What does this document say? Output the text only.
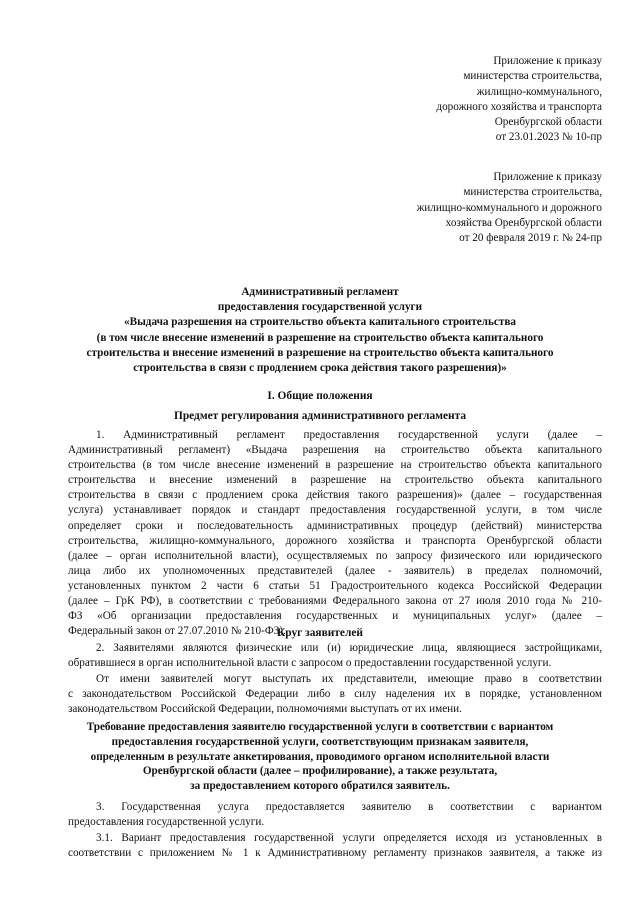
Приложение к приказу
министерства строительства,
жилищно-коммунального,
дорожного хозяйства и транспорта
Оренбургской области
от 23.01.2023 № 10-пр
Приложение к приказу
министерства строительства,
жилищно-коммунального и дорожного
хозяйства Оренбургской области
от 20 февраля 2019 г. № 24-пр
Административный регламент
предоставления государственной услуги
«Выдача разрешения на строительство объекта капитального строительства
(в том числе внесение изменений в разрешение на строительство объекта капитального
строительства и внесение изменений в разрешение на строительство объекта капитального
строительства в связи с продлением срока действия такого разрешения)»
I. Общие положения
Предмет регулирования административного регламента
1. Административный регламент предоставления государственной услуги (далее –
Административный регламент) «Выдача разрешения на строительство объекта капитального
строительства (в том числе внесение изменений в разрешение на строительство объекта капитального
строительства и внесение изменений в разрешение на строительство объекта капитального
строительства в связи с продлением срока действия такого разрешения)» (далее – государственная
услуга) устанавливает порядок и стандарт предоставления государственной услуги, в том числе
определяет сроки и последовательность административных процедур (действий) министерства
строительства, жилищно-коммунального, дорожного хозяйства и транспорта Оренбургской области
(далее – орган исполнительной власти), осуществляемых по запросу физического или юридического
лица либо их уполномоченных представителей (далее - заявитель) в пределах полномочий,
установленных пунктом 2 части 6 статьи 51 Градостроительного кодекса Российской Федерации
(далее – ГрК РФ), в соответствии с требованиями Федерального закона от 27 июля 2010 года № 210-
ФЗ «Об организации предоставления государственных и муниципальных услуг» (далее –
Федеральный закон от 27.07.2010 № 210-ФЗ).
Круг заявителей
2. Заявителями являются физические или (и) юридические лица, являющиеся застройщиками,
обратившиеся в орган исполнительной власти с запросом о предоставлении государственной услуги.
От имени заявителей могут выступать их представители, имеющие право в соответствии
с законодательством Российской Федерации либо в силу наделения их в порядке, установленном
законодательством Российской Федерации, полномочиями выступать от их имени.
Требование предоставления заявителю государственной услуги в соответствии с вариантом
предоставления государственной услуги, соответствующим признакам заявителя,
определенным в результате анкетирования, проводимого органом исполнительной власти
Оренбургской области (далее – профилирование), а также результата,
за предоставлением которого обратился заявитель.
3. Государственная услуга предоставляется заявителю в соответствии с вариантом
предоставления государственной услуги.
3.1. Вариант предоставления государственной услуги определяется исходя из установленных в
соответствии с приложением № 1 к Административному регламенту признаков заявителя, а также из
